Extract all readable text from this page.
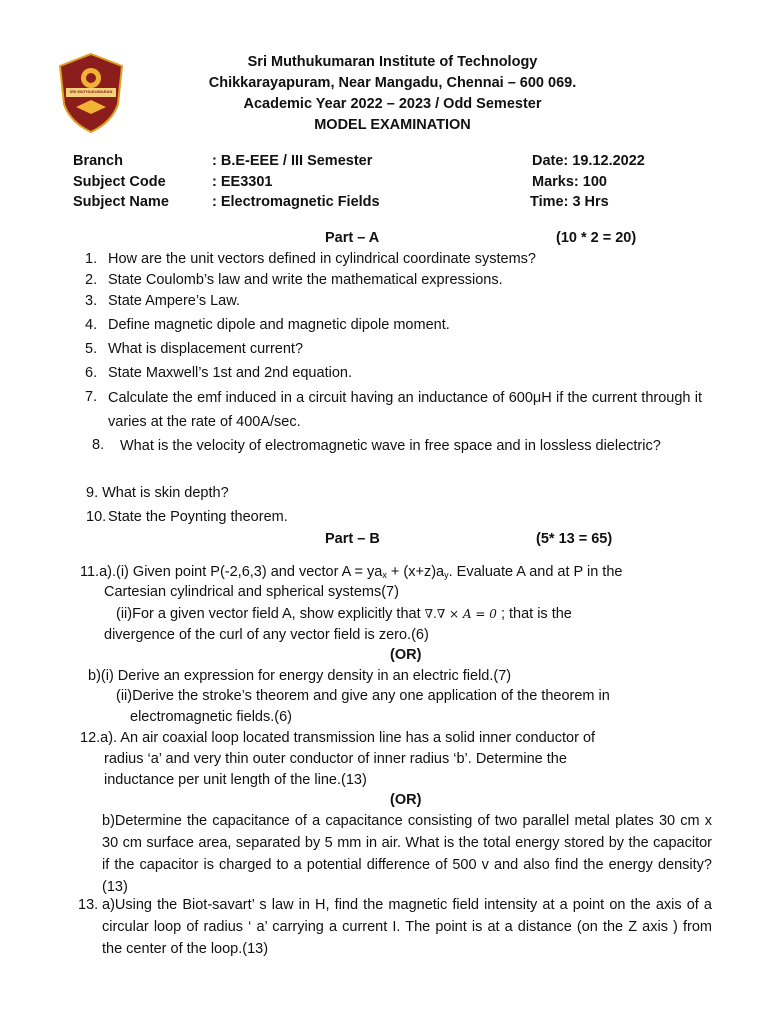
SRI MUTHUKUMARAN
Sri Muthukumaran Institute of Technology
Chikkarayapuram, Near Mangadu, Chennai – 600 069.
Academic Year 2022 – 2023 / Odd Semester
MODEL EXAMINATION
Branch	: B.E-EEE / III Semester	Date: 19.12.2022
Subject Code	: EE3301	Marks: 100
Subject Name	: Electromagnetic Fields	Time: 3 Hrs
Part – A	(10 * 2 = 20)
1. How are the unit vectors defined in cylindrical coordinate systems?
2. State Coulomb’s law and write the mathematical expressions.
3. State Ampere’s Law.
4. Define magnetic dipole and magnetic dipole moment.
5. What is displacement current?
6. State Maxwell’s 1st and 2nd equation.
7. Calculate the emf induced in a circuit having an inductance of 600μH if the current through it varies at the rate of 400A/sec.
8.	What is the velocity of electromagnetic wave in free space and in lossless dielectric?
9. What is skin depth?
10. State the Poynting theorem.
Part – B	(5* 13 = 65)
11.a).(i) Given point P(-2,6,3) and vector $A = ya_x + (x+z)a_y$. Evaluate A and at P in the
Cartesian cylindrical and spherical systems(7)
(ii)For a given vector field A, show explicitly that ∇.∇ × A = 0 ; that is the
divergence of the curl of any vector field is zero.(6)
(OR)
b)(i) Derive an expression for energy density in an electric field.(7)
(ii)Derive the stroke’s theorem and give any one application of the theorem in
electromagnetic fields.(6)
12.a). An air coaxial loop located transmission line has a solid inner conductor of
radius ‘a’ and very thin outer conductor of inner radius ‘b’. Determine the
inductance per unit length of the line.(13)
(OR)
b)Determine the capacitance of a capacitance consisting of two parallel metal plates 30 cm x 30 cm surface area, separated by 5 mm in air. What is the total energy stored by the capacitor if the capacitor is charged to a potential difference of 500 v and also find the energy density?(13)
13. a)Using the Biot-savart’ s law in H, find the magnetic field intensity at a point on the axis of a circular loop of radius ‘ a’ carrying a current I. The point is at a distance (on the Z axis ) from the center of the loop.(13)
